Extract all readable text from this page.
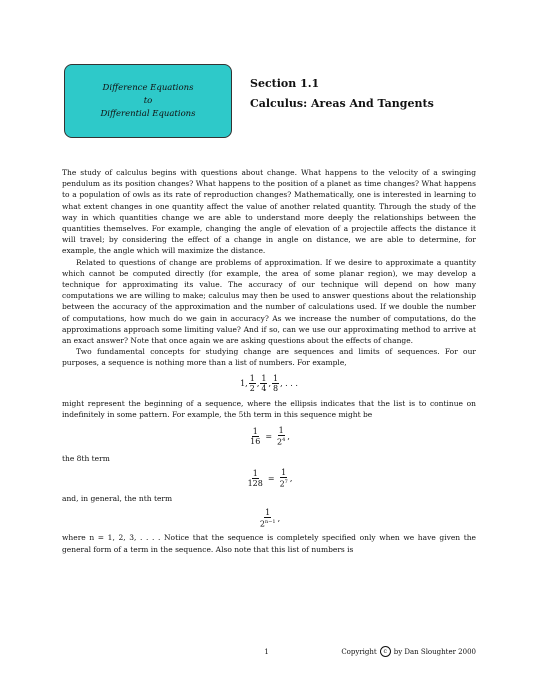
Difference Equations
to
Differential Equations
Section 1.1
Calculus: Areas And Tangents

The study of calculus begins with questions about change. What happens to the velocity of a swinging pendulum as its position changes? What happens to the position of a planet as time changes? What happens to a population of owls as its rate of reproduction changes? Mathematically, one is interested in learning to what extent changes in one quantity affect the value of another related quantity. Through the study of the way in which quantities change we are able to understand more deeply the relationships between the quantities themselves. For example, changing the angle of elevation of a projectile affects the distance it will travel; by considering the effect of a change in angle on distance, we are able to determine, for example, the angle which will maximize the distance.

Related to questions of change are problems of approximation. If we desire to approximate a quantity which cannot be computed directly (for example, the area of some planar region), we may develop a technique for approximating its value. The accuracy of our technique will depend on how many computations we are willing to make; calculus may then be used to answer questions about the relationship between the accuracy of the approximation and the number of calculations used. If we double the number of computations, how much do we gain in accuracy? As we increase the number of computations, do the approximations approach some limiting value? And if so, can we use our approximating method to arrive at an exact answer? Note that once again we are asking questions about the effects of change.

Two fundamental concepts for studying change are sequences and limits of sequences. For our purposes, a sequence is nothing more than a list of numbers. For example,

1, $\frac{1}{2}$ , $\frac{1}{4}$ , $\frac{1}{8}$ , . . .

might represent the beginning of a sequence, where the ellipsis indicates that the list is to continue on indefinitely in some pattern. For example, the 5th term in this sequence might be

$\frac{1}{16} = \frac{1}{2^4}$ ,

the 8th term

$\frac{1}{128} = \frac{1}{2^7}$ ,

and, in general, the nth term

$\frac{1}{2^{n-1}}$ ,

where n = 1, 2, 3, . . . . Notice that the sequence is completely specified only when we have given the general form of a term in the sequence. Also note that this list of numbers is

1	Copyright	c by Dan Sloughter 2000
